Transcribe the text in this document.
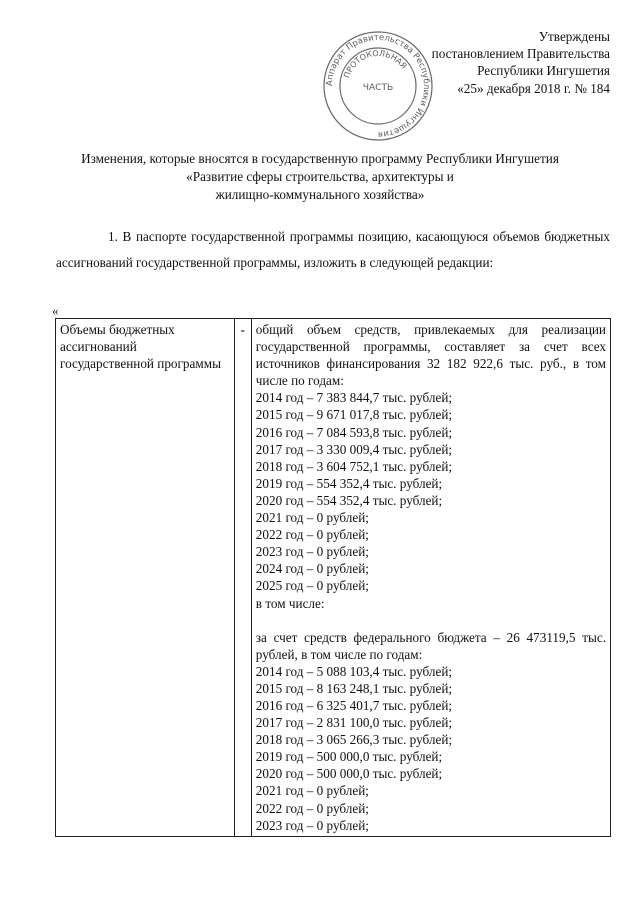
Утверждены
постановлением Правительства
Республики Ингушетия
«25» декабря 2018 г. № 184
Аппарат Правительства Республики Ингушетия
ПРОТОКОЛЬНАЯ
ЧАСТЬ
Изменения, которые вносятся в государственную программу Республики Ингушетия
«Развитие сферы строительства, архитектуры и
жилищно-коммунального хозяйства»
1. В паспорте государственной программы позицию, касающуюся объемов бюджетных ассигнований государственной программы, изложить в следующей редакции:
«
Объемы бюджетных ассигнований государственной программы	-	общий объем средств, привлекаемых для реализации государственной программы, составляет за счет всех источников финансирования 32 182 922,6 тыс. руб., в том числе по годам:
2014 год – 7 383 844,7 тыс. рублей;
2015 год – 9 671 017,8 тыс. рублей;
2016 год – 7 084 593,8 тыс. рублей;
2017 год – 3 330 009,4 тыс. рублей;
2018 год – 3 604 752,1 тыс. рублей;
2019 год – 554 352,4 тыс. рублей;
2020 год – 554 352,4 тыс. рублей;
2021 год – 0 рублей;
2022 год – 0 рублей;
2023 год – 0 рублей;
2024 год – 0 рублей;
2025 год – 0 рублей;
в том числе:
за счет средств федерального бюджета – 26 473119,5 тыс. рублей, в том числе по годам:
2014 год – 5 088 103,4 тыс. рублей;
2015 год – 8 163 248,1 тыс. рублей;
2016 год – 6 325 401,7 тыс. рублей;
2017 год – 2 831 100,0 тыс. рублей;
2018 год – 3 065 266,3 тыс. рублей;
2019 год – 500 000,0 тыс. рублей;
2020 год – 500 000,0 тыс. рублей;
2021 год – 0 рублей;
2022 год – 0 рублей;
2023 год – 0 рублей;
